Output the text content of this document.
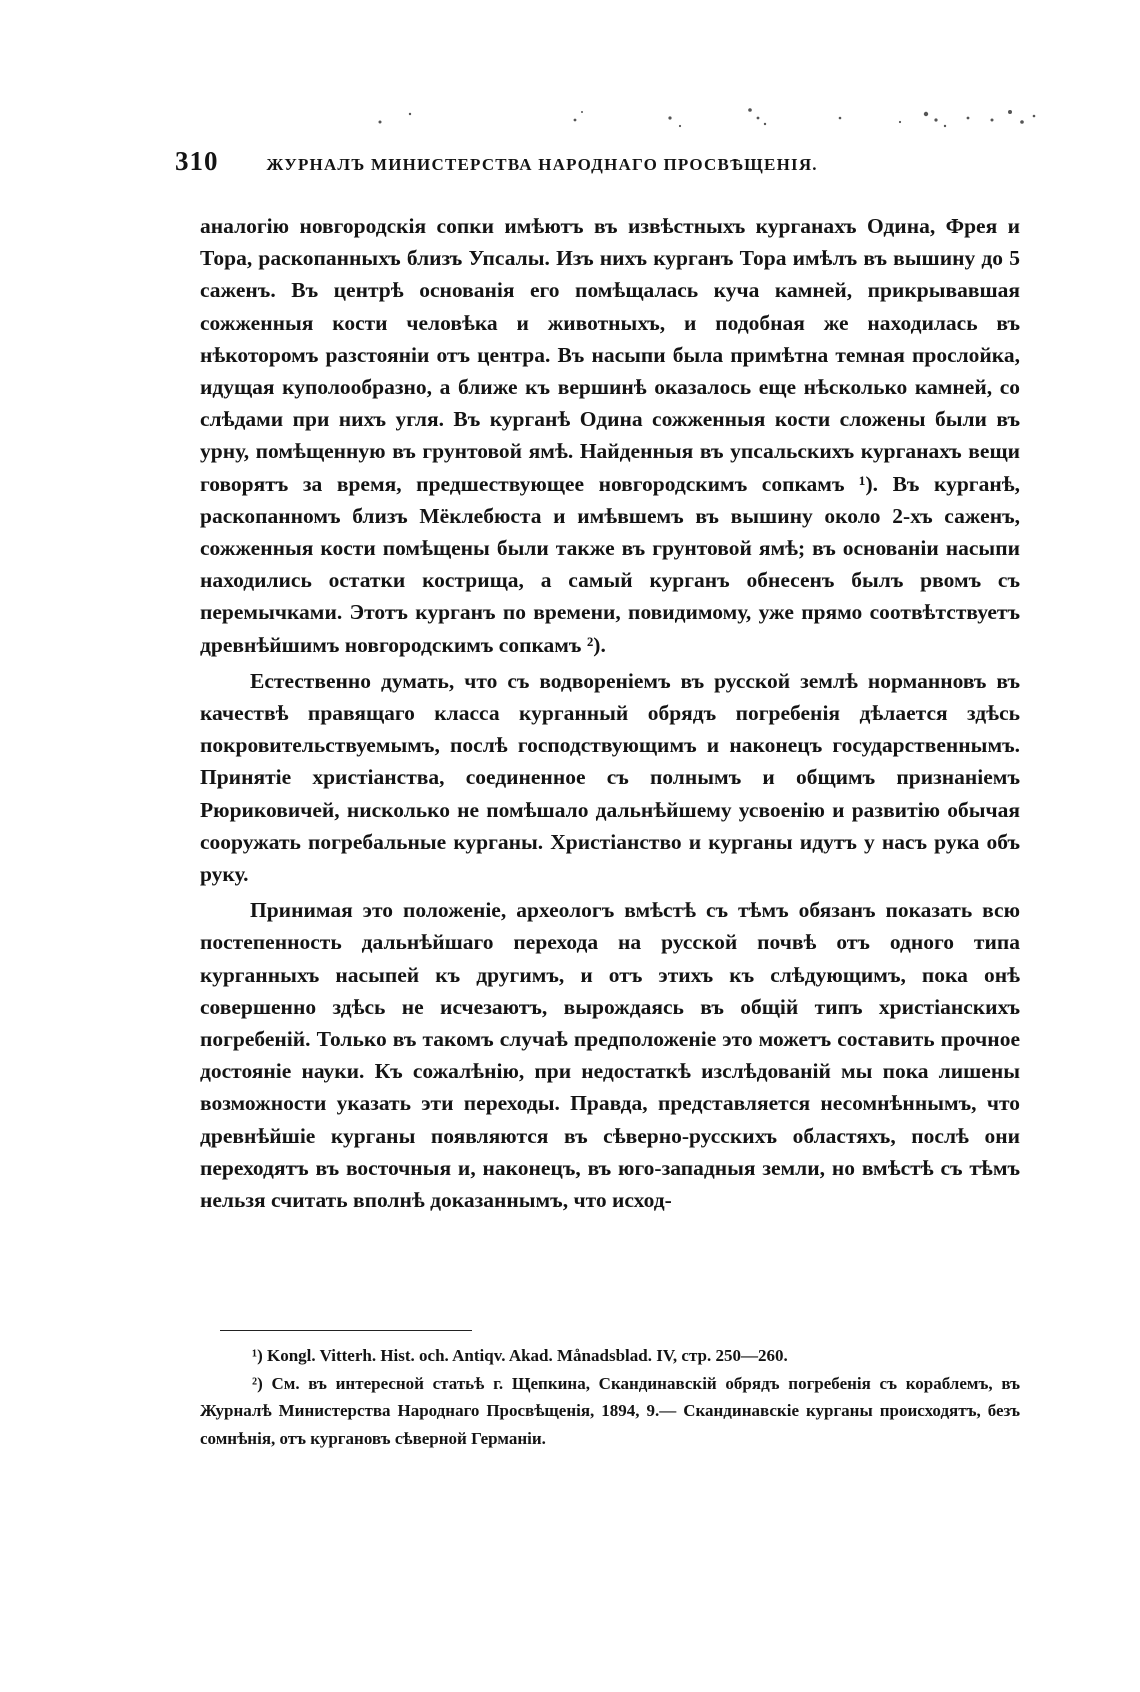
310	ЖУРНАЛЪ МИНИСТЕРСТВА НАРОДНАГО ПРОСВѢЩЕНІЯ.

аналогію новгородскія сопки имѣютъ въ извѣстныхъ курганахъ Одина, Фрея и Тора, раскопанныхъ близъ Упсалы. Изъ нихъ курганъ Тора имѣлъ въ вышину до 5 саженъ. Въ центрѣ основанія его помѣщалась куча камней, прикрывавшая сожженныя кости человѣка и животныхъ, и подобная же находилась въ нѣкоторомъ разстояніи отъ центра. Въ насыпи была примѣтна темная прослойка, идущая куполообразно, а ближе къ вершинѣ оказалось еще нѣсколько камней, со слѣдами при нихъ угля. Въ курганѣ Одина сожженныя кости сложены были въ урну, помѣщенную въ грунтовой ямѣ. Найденныя въ упсальскихъ курганахъ вещи говорятъ за время, предшествующее новгородскимъ сопкамъ ¹). Въ курганѣ, раскопанномъ близъ Мёклебюста и имѣвшемъ въ вышину около 2-хъ саженъ, сожженныя кости помѣщены были также въ грунтовой ямѣ; въ основаніи насыпи находились остатки кострища, а самый курганъ обнесенъ былъ рвомъ съ перемычками. Этотъ курганъ по времени, повидимому, уже прямо соотвѣтствуетъ древнѣйшимъ новгородскимъ сопкамъ ²).

Естественно думать, что съ водвореніемъ въ русской землѣ норманновъ въ качествѣ правящаго класса курганный обрядъ погребенія дѣлается здѣсь покровительствуемымъ, послѣ господствующимъ и наконецъ государственнымъ. Принятіе христіанства, соединенное съ полнымъ и общимъ признаніемъ Рюриковичей, нисколько не помѣшало дальнѣйшему усвоенію и развитію обычая сооружать погребальные курганы. Христіанство и курганы идутъ у насъ рука объ руку.

Принимая это положеніе, археологъ вмѣстѣ съ тѣмъ обязанъ показать всю постепенность дальнѣйшаго перехода на русской почвѣ отъ одного типа курганныхъ насыпей къ другимъ, и отъ этихъ къ слѣдующимъ, пока онѣ совершенно здѣсь не исчезаютъ, вырождаясь въ общій типъ христіанскихъ погребеній. Только въ такомъ случаѣ предположеніе это можетъ составить прочное достояніе науки. Къ сожалѣнію, при недостаткѣ изслѣдованій мы пока лишены возможности указать эти переходы. Правда, представляется несомнѣннымъ, что древнѣйшіе курганы появляются въ сѣверно-русскихъ областяхъ, послѣ они переходятъ въ восточныя и, наконецъ, въ юго-западныя земли, но вмѣстѣ съ тѣмъ нельзя считать вполнѣ доказаннымъ, что исход-

¹) Kongl. Vitterh. Hist. och. Antiqv. Akad. Månadsblad. IV, стр. 250—260.

²) См. въ интересной статьѣ г. Щепкина, Скандинавскій обрядъ погребенія съ кораблемъ, въ Журналѣ Министерства Народнаго Просвѣщенія, 1894, 9.— Скандинавскіе курганы происходятъ, безъ сомнѣнія, отъ кургановъ сѣверной Германіи.
